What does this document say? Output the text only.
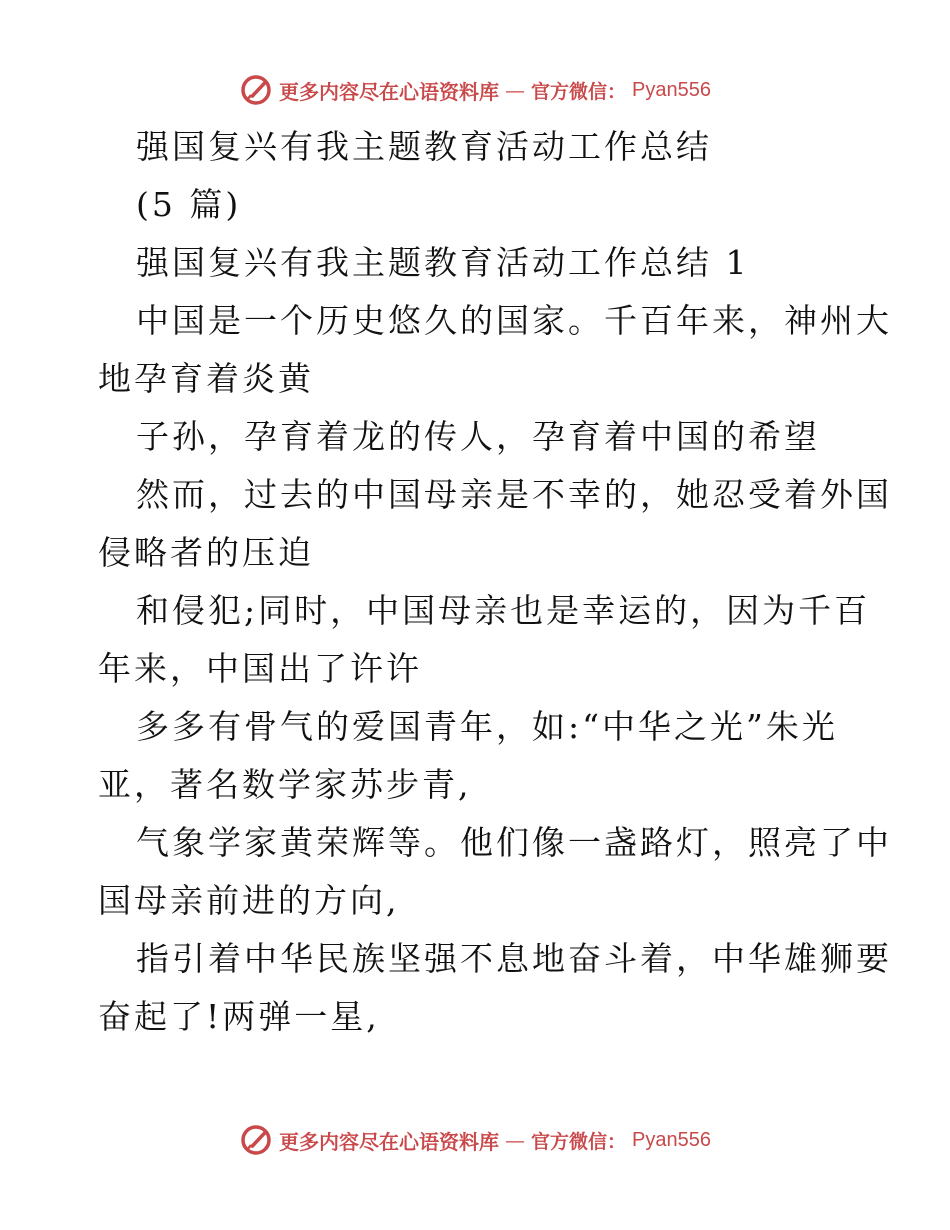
更多内容尽在心语资料库 — 官方微信： Pyan556
强国复兴有我主题教育活动工作总结
(5 篇)
强国复兴有我主题教育活动工作总结 1
中国是一个历史悠久的国家。千百年来，神州大
地孕育着炎黄
子孙，孕育着龙的传人，孕育着中国的希望
然而，过去的中国母亲是不幸的，她忍受着外国
侵略者的压迫
和侵犯;同时，中国母亲也是幸运的，因为千百
年来，中国出了许许
多多有骨气的爱国青年，如:“中华之光”朱光
亚，著名数学家苏步青,
气象学家黄荣辉等。他们像一盏路灯，照亮了中
国母亲前进的方向,
指引着中华民族坚强不息地奋斗着，中华雄狮要
奋起了!两弹一星,
更多内容尽在心语资料库 — 官方微信： Pyan556
